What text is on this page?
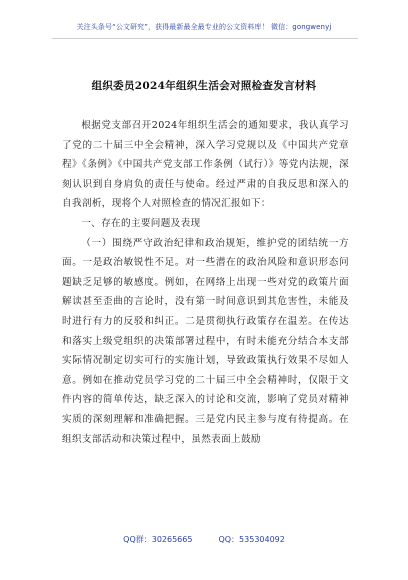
关注头条号“公文研究”，获得最新最全最专业的公文资料库！ 微信：gongwenyj
组织委员2024年组织生活会对照检查发言材料

根据党支部召开2024年组织生活会的通知要求，我认真学习了党的二十届三中全会精神，深入学习党规以及《中国共产党章程》《条例》《中国共产党支部工作条例（试行）》等党内法规，深刻认识到自身肩负的责任与使命。经过严肃的自我反思和深入的自我剖析，现将个人对照检查的情况汇报如下：

一、存在的主要问题及表现

（一）围绕严守政治纪律和政治规矩，维护党的团结统一方面。一是政治敏锐性不足。对一些潜在的政治风险和意识形态问题缺乏足够的敏感度。例如，在网络上出现一些对党的政策片面解读甚至歪曲的言论时，没有第一时间意识到其危害性，未能及时进行有力的反驳和纠正。二是贯彻执行政策存在温差。在传达和落实上级党组织的决策部署过程中，有时未能充分结合本支部实际情况制定切实可行的实施计划，导致政策执行效果不尽如人意。例如在推动党员学习党的二十届三中全会精神时，仅限于文件内容的简单传达，缺乏深入的讨论和交流，影响了党员对精神实质的深刻理解和准确把握。三是党内民主参与度有待提高。在组织支部活动和决策过程中，虽然表面上鼓励

QQ群：30265665	QQ：535304092
